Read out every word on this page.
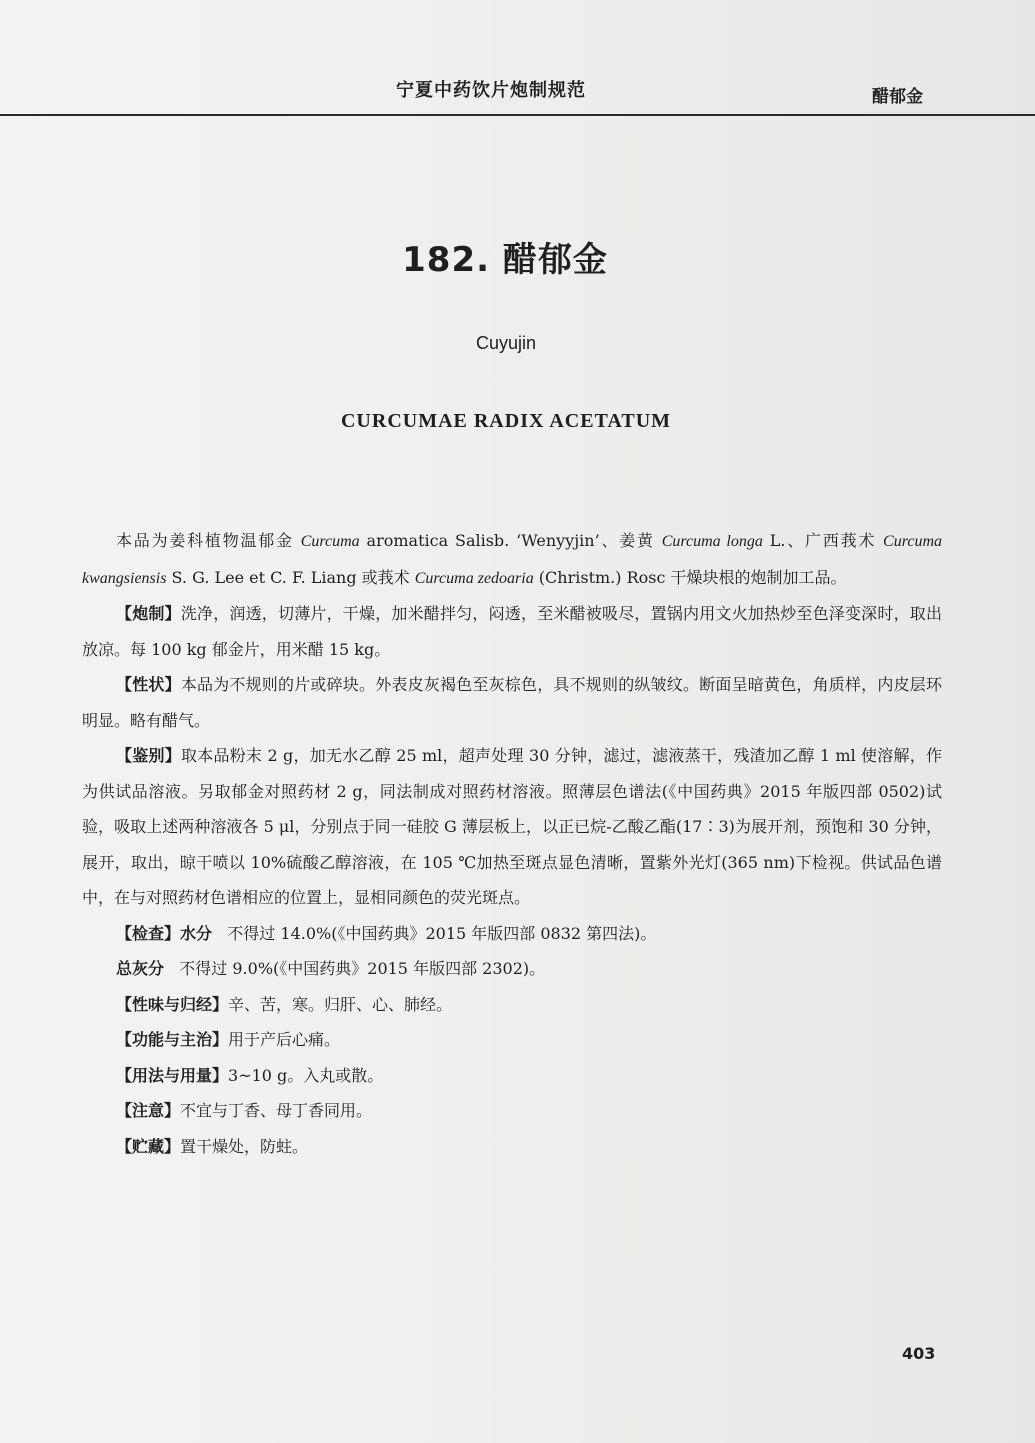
宁夏中药饮片炮制规范	醋郁金
182. 醋郁金
Cuyujin
CURCUMAE RADIX ACETATUM

本品为姜科植物温郁金 Curcuma aromatica Salisb. ‘Wenyyjin’、姜黄 Curcuma longa L.、广西莪术 Curcuma kwangsiensis S. G. Lee et C. F. Liang 或莪术 Curcuma zedoaria (Christm.) Rosc 干燥块根的炮制加工品。

【炮制】洗净，润透，切薄片，干燥，加米醋拌匀，闷透，至米醋被吸尽，置锅内用文火加热炒至色泽变深时，取出放凉。每 100 kg 郁金片，用米醋 15 kg。

【性状】本品为不规则的片或碎块。外表皮灰褐色至灰棕色，具不规则的纵皱纹。断面呈暗黄色，角质样，内皮层环明显。略有醋气。

【鉴别】取本品粉末 2 g，加无水乙醇 25 ml，超声处理 30 分钟，滤过，滤液蒸干，残渣加乙醇 1 ml 使溶解，作为供试品溶液。另取郁金对照药材 2 g，同法制成对照药材溶液。照薄层色谱法(《中国药典》2015 年版四部 0502)试验，吸取上述两种溶液各 5 μl，分别点于同一硅胶 G 薄层板上，以正已烷-乙酸乙酯(17∶3)为展开剂，预饱和 30 分钟，展开，取出，晾干喷以 10%硫酸乙醇溶液，在 105 ℃加热至斑点显色清晰，置紫外光灯(365 nm)下检视。供试品色谱中，在与对照药材色谱相应的位置上，显相同颜色的荧光斑点。

【检查】水分 不得过 14.0%(《中国药典》2015 年版四部 0832 第四法)。

总灰分 不得过 9.0%(《中国药典》2015 年版四部 2302)。

【性味与归经】辛、苦，寒。归肝、心、肺经。

【功能与主治】用于产后心痛。

【用法与用量】3~10 g。入丸或散。

【注意】不宜与丁香、母丁香同用。

【贮藏】置干燥处，防蛀。

403
